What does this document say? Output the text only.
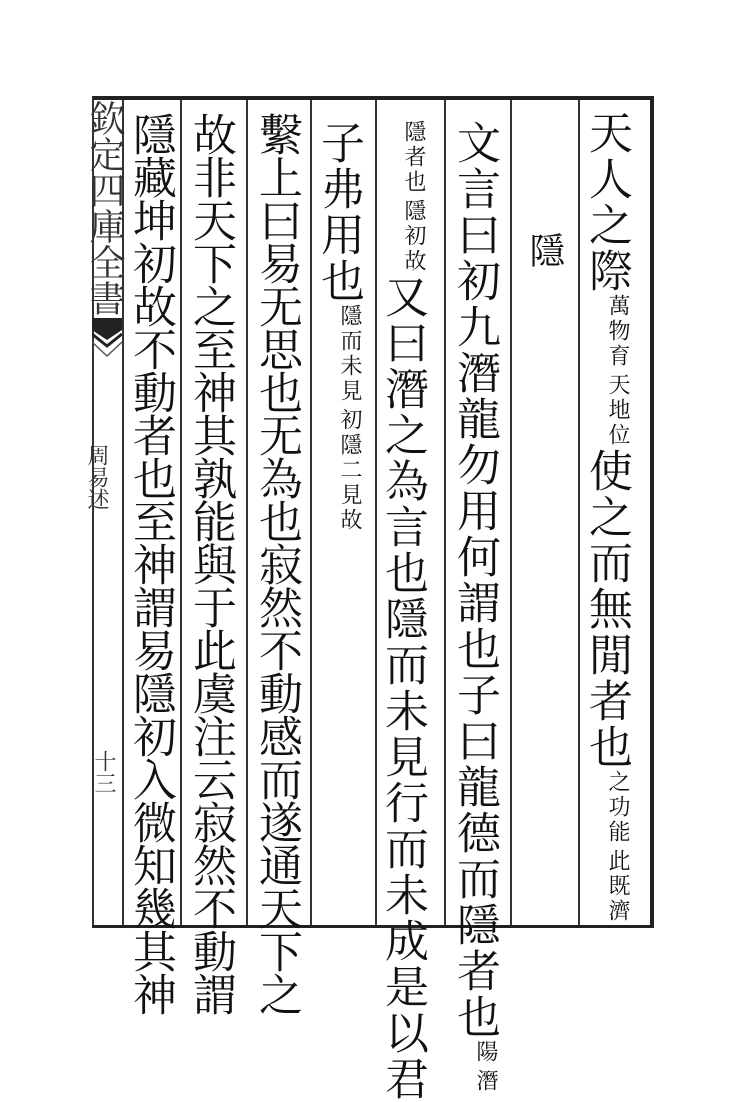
欽定四庫全書
周易述
十三
天人之際
天地位
萬物育
使之而無閒者也
此既濟
之功能
隱
文言曰初九潛龍勿用何謂也子曰龍德而隱者也
潛
陽
隱初故
隱者也
又曰潛之為言也隱而未見行而未成是以君
子弗用也
初隱二見故
隱而未見
繫上曰易无思也无為也寂然不動感而遂通天下之
故非天下之至神其孰能與于此虞注云寂然不動謂
隱藏坤初故不動者也至神謂易隱初入微知幾其神
